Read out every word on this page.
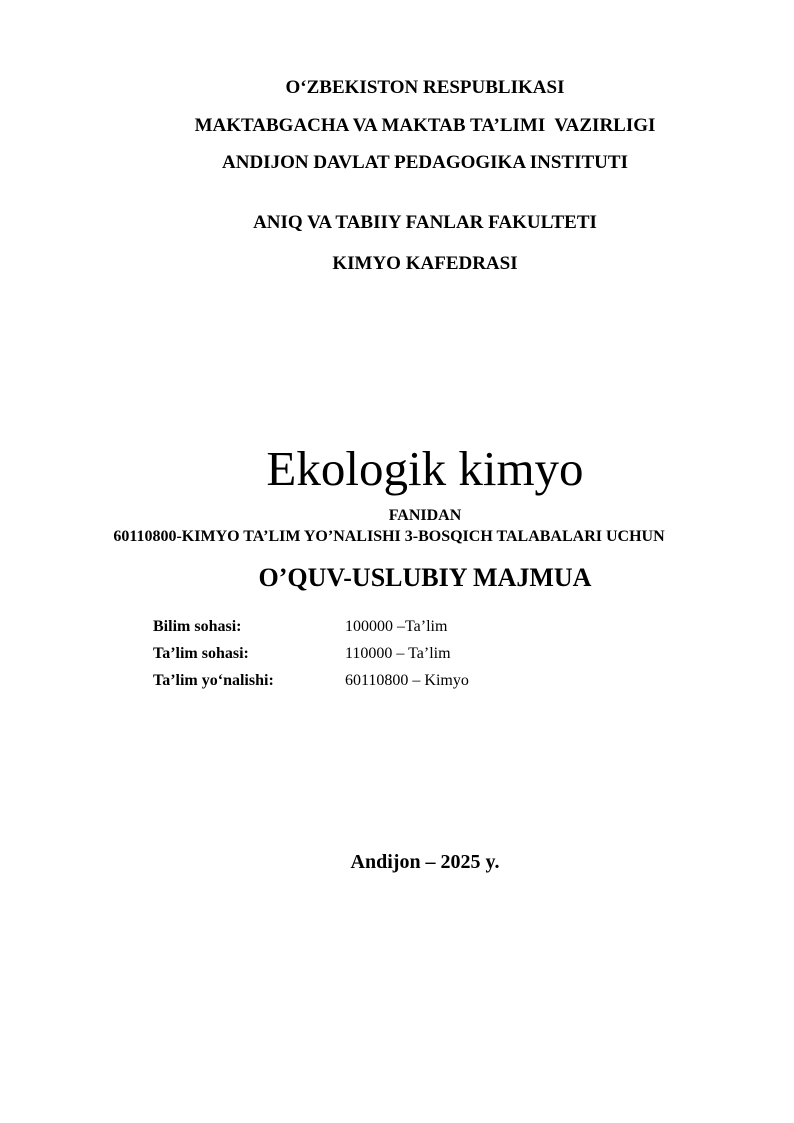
O‘ZBEKISTON RESPUBLIKASI
MAKTABGACHA VA MAKTAB TA’LIMI  VAZIRLIGI
ANDIJON DAVLAT PEDAGOGIKA INSTITUTI
ANIQ VA TABIIY FANLAR FAKULTETI
KIMYO KAFEDRASI
Ekologik kimyo
FANIDAN
60110800-KIMYO TA’LIM YO’NALISHI 3-BOSQICH TALABALARI UCHUN
O’QUV-USLUBIY MAJMUA
Bilim sohasi:	100000 –Ta’lim
Ta’lim sohasi:	110000 – Ta’lim
Ta’lim yo‘nalishi:	60110800 – Kimyo
Andijon – 2025 y.
